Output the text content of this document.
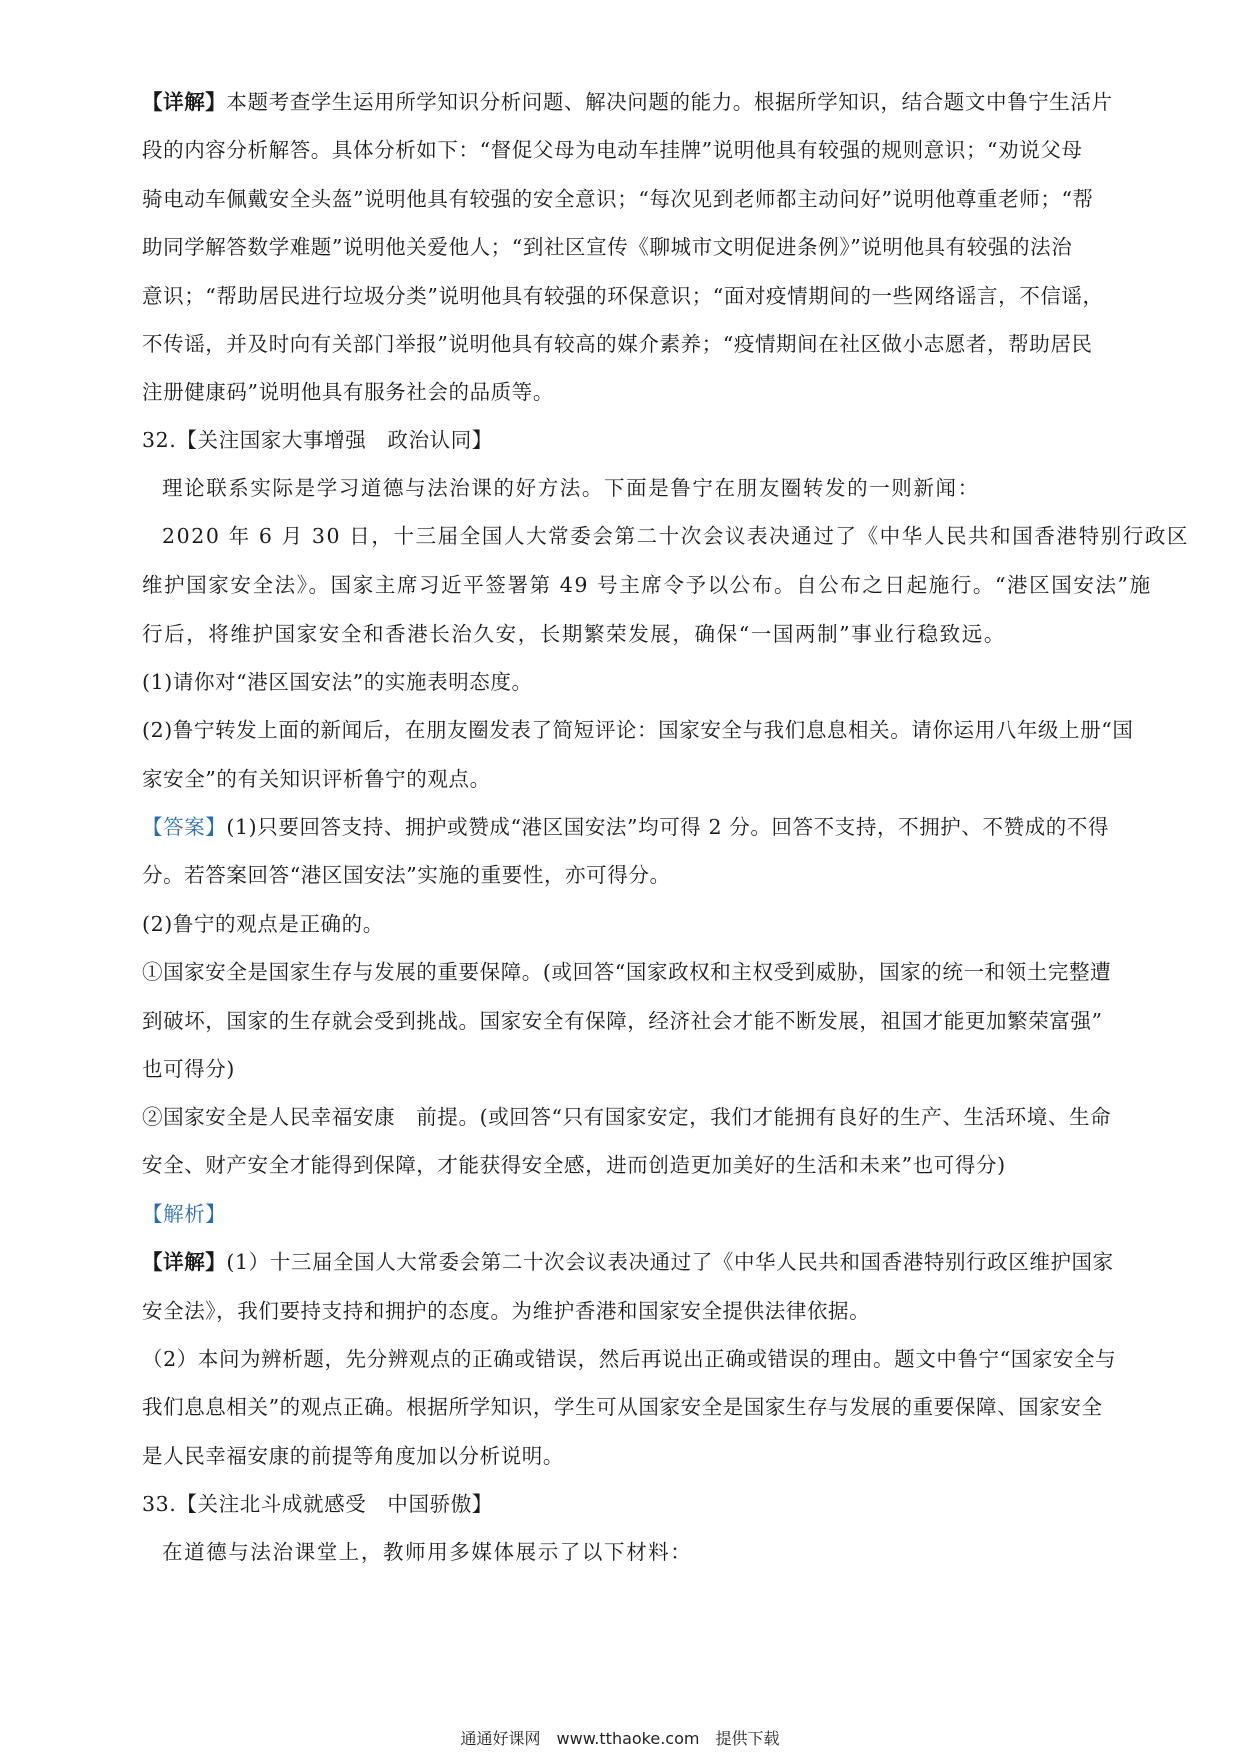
【详解】本题考查学生运用所学知识分析问题、解决问题的能力。根据所学知识，结合题文中鲁宁生活片
段的内容分析解答。具体分析如下：“督促父母为电动车挂牌”说明他具有较强的规则意识；“劝说父母
骑电动车佩戴安全头盔”说明他具有较强的安全意识；“每次见到老师都主动问好”说明他尊重老师；“帮
助同学解答数学难题”说明他关爱他人；“到社区宣传《聊城市文明促进条例》”说明他具有较强的法治
意识；“帮助居民进行垃圾分类”说明他具有较强的环保意识；“面对疫情期间的一些网络谣言，不信谣，
不传谣，并及时向有关部门举报”说明他具有较高的媒介素养；“疫情期间在社区做小志愿者，帮助居民
注册健康码”说明他具有服务社会的品质等。
32.【关注国家大事增强　政治认同】
理论联系实际是学习道德与法治课的好方法。下面是鲁宁在朋友圈转发的一则新闻：
2020 年 6 月 30 日，十三届全国人大常委会第二十次会议表决通过了《中华人民共和国香港特别行政区
维护国家安全法》。国家主席习近平签署第 49 号主席令予以公布。自公布之日起施行。“港区国安法”施
行后，将维护国家安全和香港长治久安，长期繁荣发展，确保“一国两制”事业行稳致远。
(1)请你对“港区国安法”的实施表明态度。
(2)鲁宁转发上面的新闻后，在朋友圈发表了简短评论：国家安全与我们息息相关。请你运用八年级上册“国
家安全”的有关知识评析鲁宁的观点。
【答案】(1)只要回答支持、拥护或赞成“港区国安法”均可得 2 分。回答不支持，不拥护、不赞成的不得
分。若答案回答“港区国安法”实施的重要性，亦可得分。
(2)鲁宁的观点是正确的。
①国家安全是国家生存与发展的重要保障。(或回答“国家政权和主权受到威胁，国家的统一和领土完整遭
到破坏，国家的生存就会受到挑战。国家安全有保障，经济社会才能不断发展，祖国才能更加繁荣富强”
也可得分)
②国家安全是人民幸福安康　前提。(或回答“只有国家安定，我们才能拥有良好的生产、生活环境、生命
安全、财产安全才能得到保障，才能获得安全感，进而创造更加美好的生活和未来”也可得分)
【解析】
【详解】(1）十三届全国人大常委会第二十次会议表决通过了《中华人民共和国香港特别行政区维护国家
安全法》，我们要持支持和拥护的态度。为维护香港和国家安全提供法律依据。
（2）本问为辨析题，先分辨观点的正确或错误，然后再说出正确或错误的理由。题文中鲁宁“国家安全与
我们息息相关”的观点正确。根据所学知识，学生可从国家安全是国家生存与发展的重要保障、国家安全
是人民幸福安康的前提等角度加以分析说明。
33.【关注北斗成就感受　中国骄傲】
在道德与法治课堂上，教师用多媒体展示了以下材料：
通通好课网　www.tthaoke.com　提供下载
